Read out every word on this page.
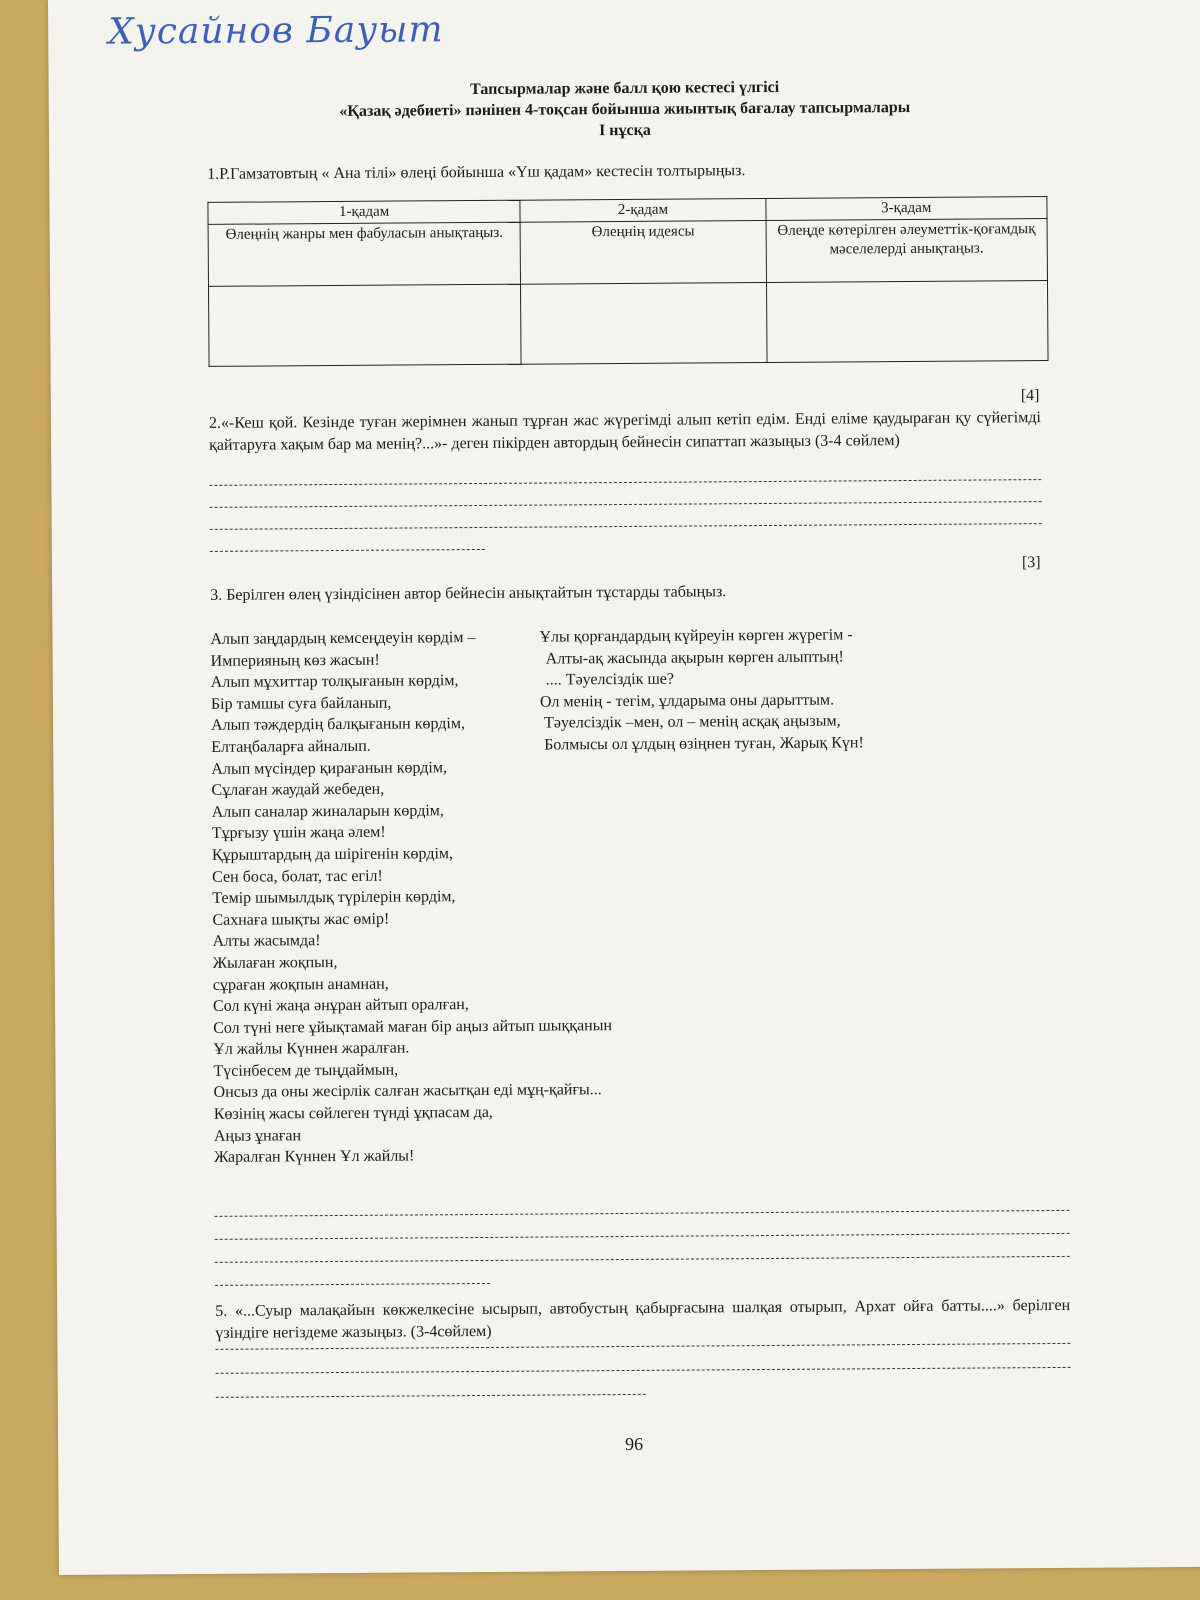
Хусайнов Бауыт
Тапсырмалар және балл қою кестесі үлгісі
«Қазақ әдебиеті» пәнінен 4-тоқсан бойынша жиынтық бағалау тапсырмалары
І нұсқа
1.Р.Гамзатовтың « Ана тілі» өлеңі бойынша «Үш қадам» кестесін толтырыңыз.
1-қадам	2-қадам	3-қадам
Өлеңнің жанры мен фабуласын анықтаңыз.	Өлеңнің идеясы	Өлеңде көтерілген әлеуметтік-қоғамдық мәселелерді анықтаңыз.

[4]
2.«-Кеш қой. Кезінде туған жерімнен жанып тұрған жас жүрегімді алып кетіп едім. Енді еліме қаудыраған қу сүйегімді қайтаруға хақым бар ма менің?...»- деген пікірден автордың бейнесін сипаттап жазыңыз (3-4 сөйлем)
[3]
3. Берілген өлең үзіндісінен автор бейнесін анықтайтын тұстарды табыңыз.
Алып заңдардың кемсеңдеуін көрдім –
Империяның көз жасын!
Алып мұхиттар толқығанын көрдім,
Бір тамшы суға байланып,
Алып тәждердің балқығанын көрдім,
Елтаңбаларға айналып.
Алып мүсіндер қирағанын көрдім,
Сұлаған жаудай жебеден,
Алып саналар жиналарын көрдім,
Тұрғызу үшін жаңа әлем!
Құрыштардың да шірігенін көрдім,
Сен боса, болат, тас егіл!
Темір шымылдық түрілерін көрдім,
Сахнаға шықты жас өмір!
Алты жасымда!
Жылаған жоқпын,
сұраған жоқпын анамнан,
Сол күні жаңа әнұран айтып оралған,
Сол түні неге ұйықтамай маған бір аңыз айтып шыққанын
Ұл жайлы Күннен жаралған.
Түсінбесем де тыңдаймын,
Онсыз да оны жесірлік салған жасытқан еді мұң-қайғы...
Көзінің жасы сөйлеген түнді ұқпасам да,
Аңыз ұнаған
Жаралған Күннен Ұл жайлы!
Ұлы қорғандардың күйреуін көрген жүрегім -
Алты-ақ жасында ақырын көрген алыптың!
.... Тәуелсіздік ше?
Ол менің - тегім, ұлдарыма оны дарыттым.
Тәуелсіздік –мен, ол – менің асқақ аңызым,
Болмысы ол ұлдың өзіңнен туған, Жарық Күн!
5. «...Суыр малақайын көкжелкесіне ысырып, автобустың қабырғасына шалқая отырып, Архат ойға батты....» берілген үзіндіге негіздеме жазыңыз. (3-4сөйлем)
96
